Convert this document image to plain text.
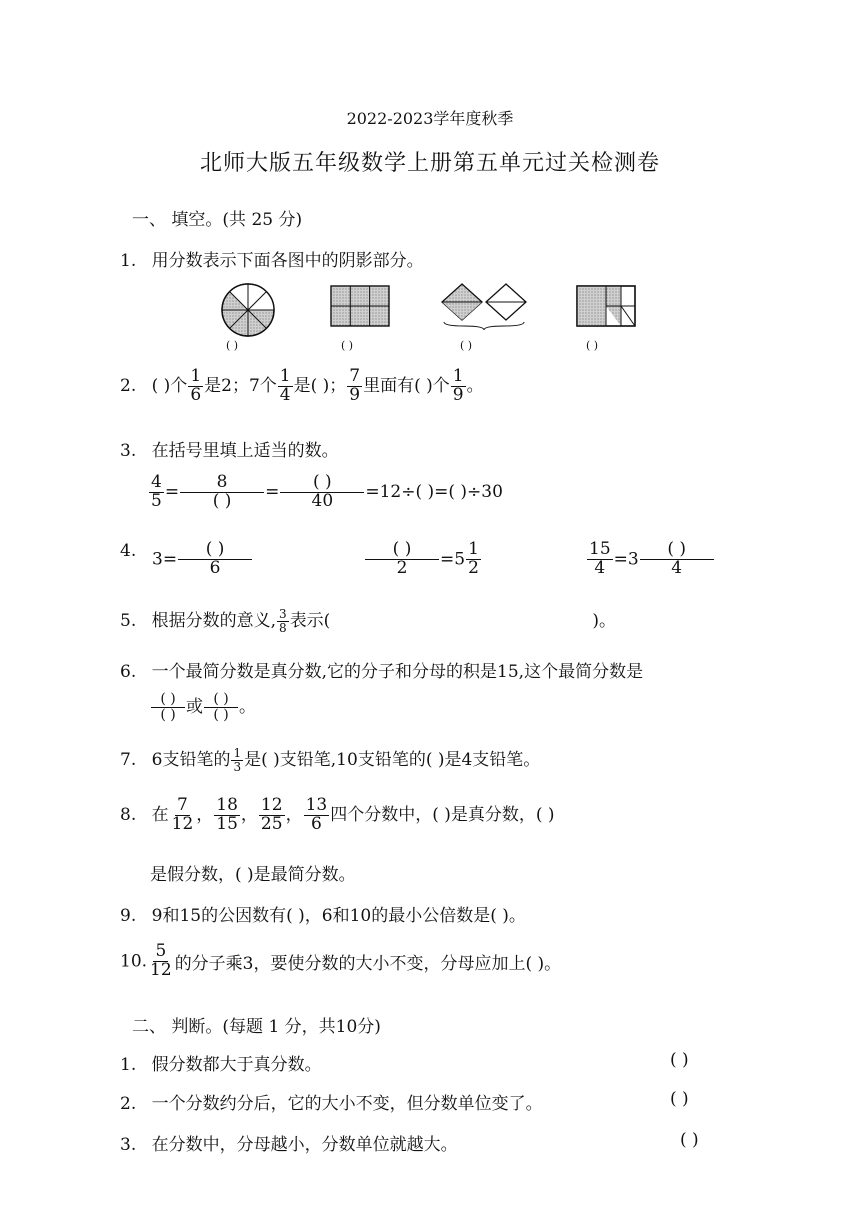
2022-2023学年度秋季
北师大版五年级数学上册第五单元过关检测卷
一、 填空。(共 25 分)
1. 用分数表示下面各图中的阴影部分。
( )	( )	( )	( )
2. ( )个 $\frac{1}{6}$ 是2；7个 $\frac{1}{4}$ 是( )； $\frac{7}{9}$ 里面有( )个 $\frac{1}{9}$ 。
3. 在括号里填上适当的数。
$\frac{4}{5} = \frac{8}{( )} = \frac{( )}{40} =12\div$( )=( )÷30
4. $3= \frac{( )}{6}$	$\frac{( )}{2} =5 \frac{1}{2}$	$\frac{15}{4} =3 \frac{( )}{4}$
5. 根据分数的意义, $\frac{3}{8}$ 表示(	)。
6. 一个最简分数是真分数,它的分子和分母的积是15,这个最简分数是
$\frac{( )}{( )}$ 或 $\frac{( )}{( )}$ 。
7. 6支铅笔的 $\frac{1}{3}$ 是( )支铅笔,10支铅笔的( )是4支铅笔。
8. 在 $\frac{7}{12}$ ， $\frac{18}{15}$ ， $\frac{12}{25}$ ， $\frac{13}{6}$ 四个分数中，( )是真分数，( )
是假分数，( )是最简分数。
9. 9和15的公因数有( )，6和10的最小公倍数是( )。
10. $\frac{5}{12}$ 的分子乘3，要使分数的大小不变，分母应加上( )。
二、 判断。(每题 1 分，共10分)
1. 假分数都大于真分数。	( )
2. 一个分数约分后，它的大小不变，但分数单位变了。	( )
3. 在分数中，分母越小，分数单位就越大。	( )
